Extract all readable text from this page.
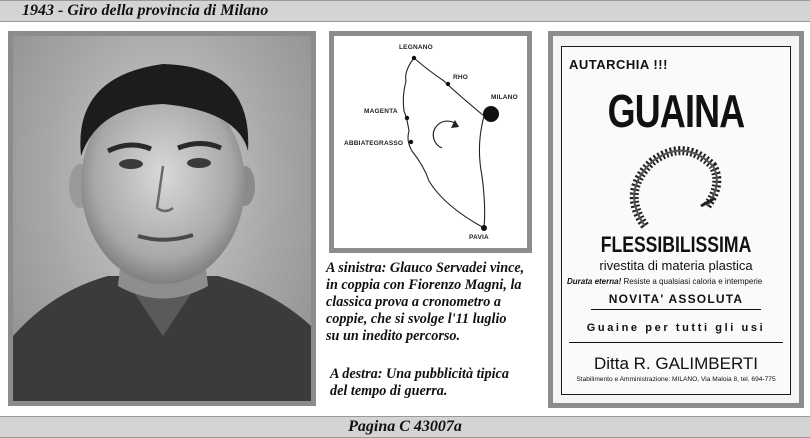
1943 - Giro della provincia di Milano
LEGNANO
RHO
MILANO
MAGENTA
ABBIATEGRASSO
PAVIA
A sinistra: Glauco Servadei vince,
in coppia con Fiorenzo Magni, la
classica prova a cronometro a
coppie, che si svolge l'11 luglio
su un inedito percorso.
A destra: Una pubblicità tipica
del tempo di guerra.
AUTARCHIA !!!
GUAINA
FLESSIBILISSIMA
rivestita di materia plastica
Durata eterna! Resiste a qualsiasi caloria e intemperie
NOVITA' ASSOLUTA
Guaine per tutti gli usi
Ditta R. GALIMBERTI
Stabilimento e Amministrazione: MILANO, Via Maloia 8, tel. 694-775
Pagina C 43007a
